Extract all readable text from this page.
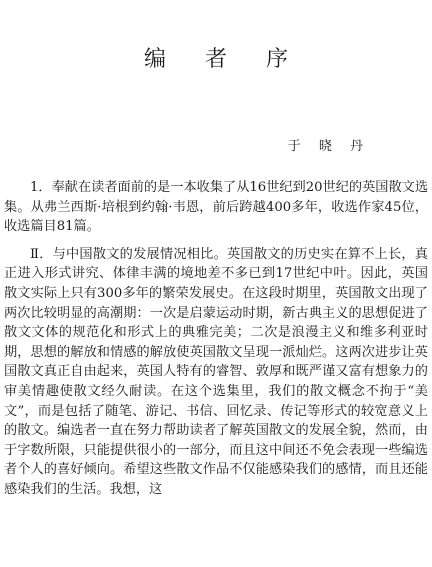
编 者 序

于 晓 丹

1．奉献在读者面前的是一本收集了从16世纪到20世纪的英国散文选集。从弗兰西斯·培根到约翰·韦恩，前后跨越400多年，收选作家45位，收选篇目81篇。

Ⅱ．与中国散文的发展情况相比。英国散文的历史实在算不上长，真正进入形式讲究、体律丰满的境地差不多已到17世纪中叶。因此，英国散文实际上只有300多年的繁荣发展史。在这段时期里，英国散文出现了两次比较明显的高潮期：一次是启蒙运动时期，新古典主义的思想促进了散文文体的规范化和形式上的典雅完美；二次是浪漫主义和维多利亚时期，思想的解放和情感的解放使英国散文呈现一派灿烂。这两次进步让英国散文真正自由起来，英国人特有的睿智、敦厚和既严谨又富有想象力的审美情趣使散文经久耐读。在这个选集里，我们的散文概念不拘于“美文”，而是包括了随笔、游记、书信、回忆录、传记等形式的较宽意义上的散文。编选者一直在努力帮助读者了解英国散文的发展全貌，然而，由于字数所限，只能提供很小的一部分，而且这中间还不免会表现一些编选者个人的喜好倾向。希望这些散文作品不仅能感染我们的感情，而且还能感染我们的生活。我想，这
